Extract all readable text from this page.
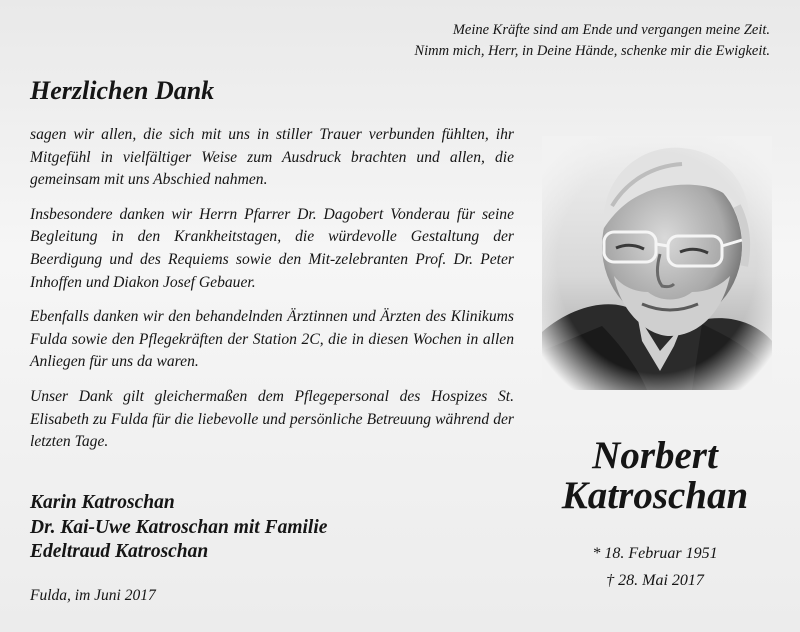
Meine Kräfte sind am Ende und vergangen meine Zeit.
Nimm mich, Herr, in Deine Hände, schenke mir die Ewigkeit.
Herzlichen Dank

sagen wir allen, die sich mit uns in stiller Trauer verbunden fühlten, ihr Mitgefühl in vielfältiger Weise zum Ausdruck brachten und allen, die gemeinsam mit uns Abschied nahmen.

Insbesondere danken wir Herrn Pfarrer Dr. Dagobert Vonderau für seine Begleitung in den Krankheitstagen, die würdevolle Gestaltung der Beerdigung und des Requiems sowie den Mit-zelebranten Prof. Dr. Peter Inhoffen und Diakon Josef Gebauer.

Ebenfalls danken wir den behandelnden Ärztinnen und Ärzten des Klinikums Fulda sowie den Pflegekräften der Station 2C, die in diesen Wochen in allen Anliegen für uns da waren.

Unser Dank gilt gleichermaßen dem Pflegepersonal des Hospizes St. Elisabeth zu Fulda für die liebevolle und persönliche Betreuung während der letzten Tage.

Karin Katroschan
Dr. Kai-Uwe Katroschan mit Familie
Edeltraud Katroschan
Fulda, im Juni 2017
Norbert
Katroschan
* 18. Februar 1951
† 28. Mai 2017
